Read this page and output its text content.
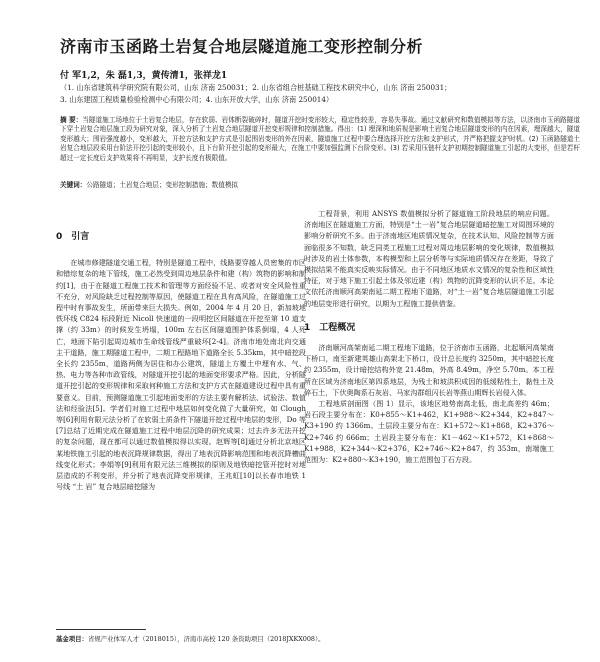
济南市玉函路土岩复合地层隧道施工变形控制分析
付 军1,2，朱 磊1,3，黄传清1，张祥龙1
（1. 山东省建筑科学研究院有限公司，山东 济南 250031；2. 山东省组合桩基础工程技术研究中心，山东 济南 250031；
3. 山东建固工程质量检验检测中心有限公司；4. 山东开放大学，山东 济南 250014）
摘 要：当隧道施工场地位于土岩复合地层，存在软弱、岩体断裂破碎时，隧道开挖时变形较大，稳定性较差，容易失事故。通过文献研究和数值模拟等方法，以济南市玉函路隧道下穿土岩复合地层施工段为研究对象，深入分析了土岩复合地层隧道开挖变形规律和控制措施。得出：(1) 埋深和地质视是影响土岩复合地层隧道变形的内在因素，埋深越大，隧道变形越大；围岩强度越小，变形越大，开挖方法和支护方式是引起围岩变形的外在因素，隧道施工过程中要合理选择开挖方法和支护形式，并严格把握支护时机。(2) 玉函路隧道土岩复合地层段采用台阶法开挖引起的变形较小，且下台阶开挖引起的变形最大，在施工中要加强监测下台阶变形。(3) 若采用压链杆支护初期控制隧道施工引起的大变形，但是若杆超过一定长度后支护效果将不再明显，支护长度有极限值。
关键词：公路隧道；土岩复合地层；变形控制措施；数值模拟
0　引言

在城市修建隧道交通工程，特别是隧道工程中，线路要穿越人员密集的市区和错综复杂的地下管线，施工必然受到周边地层条件和建（构）筑物的影响和制约[1]，由于在隧道工程施工技术和管理等方面经验不足、或者对安全风险性重不充分，对风险缺乏过程控制等原因，使隧道工程在具有高风险，在隧道施工过程中时有事故发生，所面带来巨大损失。例如，2004 年 4 月 20 日，新加坡地铁环线 C824 标段附近 Nicoll 快速道的一段明挖区间隧道在开挖至第 10 道支撑（约 33m）的时候发生坍塌，100m 左右区间隧道围护体系倒塌，4 人死亡，地面下陷引起周边城市生命线管线严重破坏[2-4]。济南市地处南北向交通主干道路，施工期隧道工程中，二期工程路地下道路全长 5.35km，其中暗挖段全长约 2355m，道路两侧为居住和办公建筑，隧道上方覆土中埋有水、气、热、电力等各种市政管线，对隧道开挖引起的地面变形要求严格。因此，分析隧道开挖引起的变形规律和采取何种施工方法和支护方式在隧道建设过程中具有重要意义。目前，预测隧道施工引起地面变形的方法主要有解析法、试验法、数值法和经验法[5]。学者们对施工过程中地层如何变化做了大量研究，如 Clough 等[6]利用有限元法分析了在软弱土质条件下隧道开挖过程中地层的变形，Do 等[7]总结了近期完成在隧道施工过程中地层沉降的研究成果；过去许多无法开挖的复杂问题，现在都可以通过数值模拟得以实现。赵辉等[8]通过分析北京地区某地铁施工引起的地表沉降规律数据，得出了地表沉降影响范围和地表沉降槽曲线变化形式；李娟等[9]利用有限元法三维模拟的原则及地铁暗挖管开挖时对地层造成的不利变形，并分析了地表沉降变形规律，王兆虹[10]以长春市地铁 1 号线 “土 岩” 复合地层暗挖隧为

工程背景，利用 ANSYS 数值模拟分析了隧道施工阶段地层的响应问题。济南地区在隧道施工方面，特别是“土一岩”复合地层隧道暗挖施工对周围环境的影响分析研究不多。由于济南地区地质情况复杂，在技术认知、风险控制等方面面临很多不知数，缺乏同类工程施工过程对周边地层影响的变化规律，数值模拟时涉及的岩土体参数，本构模型和上层分析等与实际地质情况存在差距，导致了模拟结果不能真实反映实际情况。由于不同地区地质水文情况的复杂性和区域性特征，对于地下施工引起土体及邻近建（构）筑物的沉降变形的认识不足。本论文依托济南顺河高架南延二期工程地下道路，对“土一岩”复合地层隧道施工引起的地层变形进行研究，以期为工程施工提供借鉴。

1　工程概况

济南顺河高架南延二期工程地下道路，位于济南市玉函路，北起顺河高架南下桥口，南至新建英雄山高架北下桥口，设计总长度约 3250m，其中暗挖长度约 2355m，设计暗挖结构外宽 21.48m，外高 8.49m，净空 5.70m。本工程所在区域为济南地区第四系地层，为残土和坡洪积成因的低缓粘性土，黏性土及碎石土，下伏奥陶系石灰岩、马家沟群组闪长岩等燕山期辉长岩侵入体。

工程地质剖面图（图 1）显示，该地区地势南高北低，南北高差约 46m；岩石段主要分布在：K0+855～K1+462，K1+988～K2+344，K2+847～K3+190 约 1366m。土层段主要分布在：K1+572～K1+868，K2+376～K2+746 约 666m；土岩段主要分布在：K1－462～K1+572，K1+868～K1+988，K2+344～K2+376，K2+746～K2+847，约 353m，南端施工范围为：K2+880～K3+190，施工范围包丁石方段。

基金项目：省规产业体军人才（2018015），济南市高校 120 条资助项目（2018JXKX008）。
